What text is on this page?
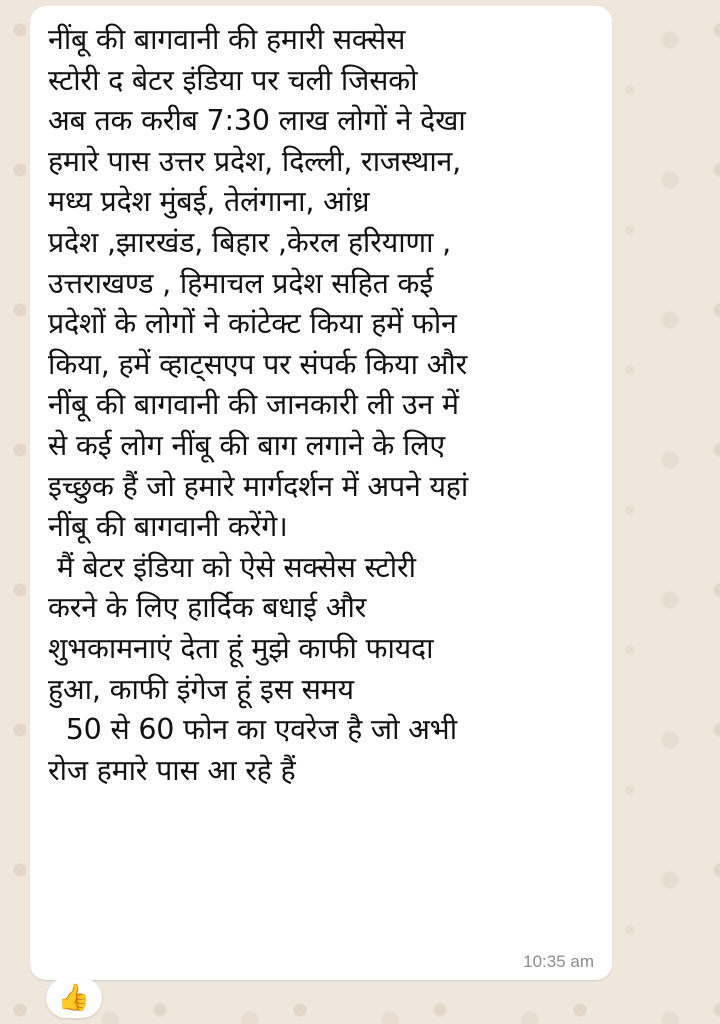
नींबू की बागवानी की हमारी सक्सेस
स्टोरी द बेटर इंडिया पर चली जिसको
अब तक करीब 7:30 लाख लोगों ने देखा
हमारे पास उत्तर प्रदेश, दिल्ली, राजस्थान,
मध्य प्रदेश मुंबई, तेलंगाना, आंध्र
प्रदेश ,झारखंड, बिहार ,केरल हरियाणा ,
उत्तराखण्ड , हिमाचल प्रदेश सहित कई
प्रदेशों के लोगों ने कांटेक्ट किया हमें फोन
किया, हमें व्हाट्सएप पर संपर्क किया और
नींबू की बागवानी की जानकारी ली उन में
से कई लोग नींबू की बाग लगाने के लिए
इच्छुक हैं जो हमारे मार्गदर्शन में अपने यहां
नींबू की बागवानी करेंगे।
मैं बेटर इंडिया को ऐसे सक्सेस स्टोरी
करने के लिए हार्दिक बधाई और
शुभकामनाएं देता हूं मुझे काफी फायदा
हुआ, काफी इंगेज हूं इस समय
50 से 60 फोन का एवरेज है जो अभी
रोज हमारे पास आ रहे हैं

10:35 am
👍
